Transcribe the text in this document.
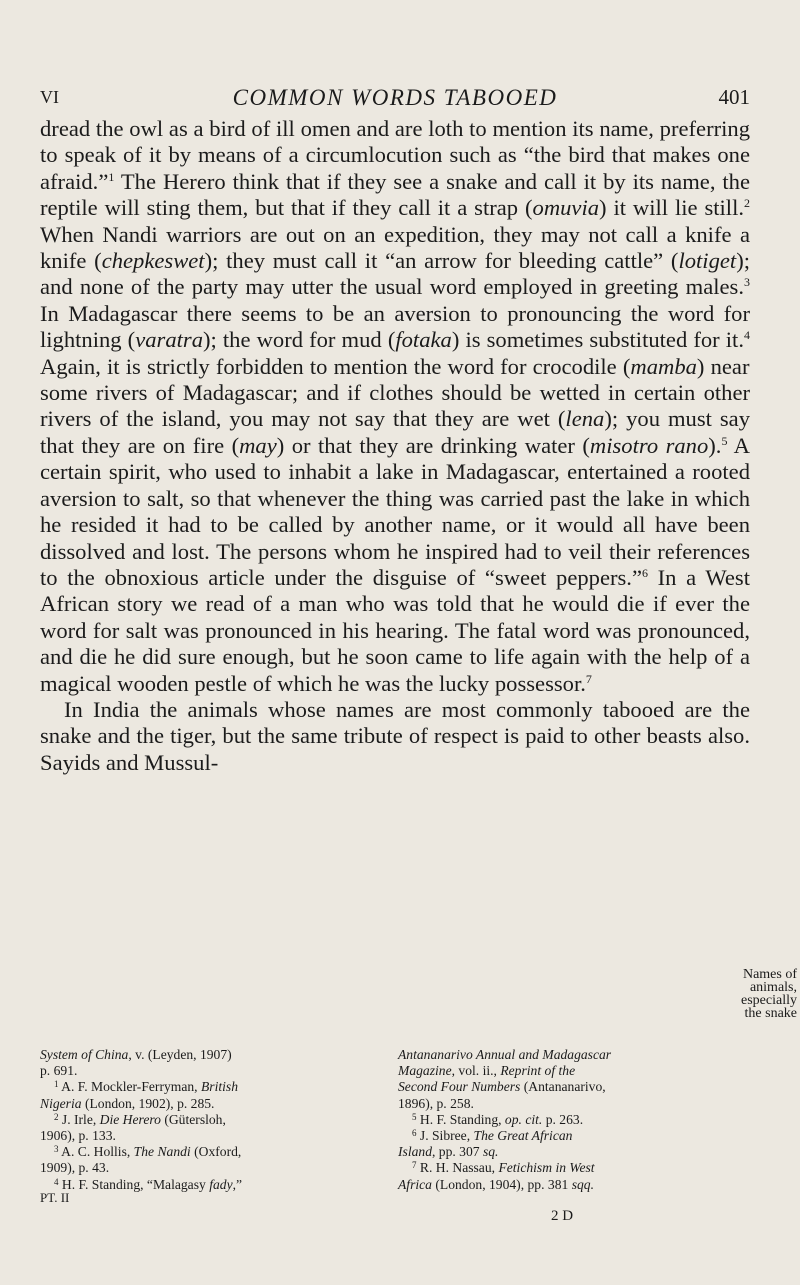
VI	COMMON WORDS TABOOED	401

dread the owl as a bird of ill omen and are loth to mention its name, preferring to speak of it by means of a circumlocution such as “the bird that makes one afraid.”$^1$ The Herero think that if they see a snake and call it by its name, the reptile will sting them, but that if they call it a strap (omuvia) it will lie still.$^2$ When Nandi warriors are out on an expedition, they may not call a knife a knife (chepkeswet); they must call it “an arrow for bleeding cattle” (lotiget); and none of the party may utter the usual word employed in greeting males.$^3$ In Madagascar there seems to be an aversion to pronouncing the word for lightning (varatra); the word for mud (fotaka) is sometimes substituted for it.$^4$ Again, it is strictly forbidden to mention the word for crocodile (mamba) near some rivers of Madagascar; and if clothes should be wetted in certain other rivers of the island, you may not say that they are wet (lena); you must say that they are on fire (may) or that they are drinking water (misotro rano).$^5$ A certain spirit, who used to inhabit a lake in Madagascar, entertained a rooted aversion to salt, so that whenever the thing was carried past the lake in which he resided it had to be called by another name, or it would all have been dissolved and lost. The persons whom he inspired had to veil their references to the obnoxious article under the disguise of “sweet peppers.”$^6$ In a West African story we read of a man who was told that he would die if ever the word for salt was pronounced in his hearing. The fatal word was pronounced, and die he did sure enough, but he soon came to life again with the help of a magical wooden pestle of which he was the lucky possessor.$^7$

In India the animals whose names are most commonly tabooed are the snake and the tiger, but the same tribute of respect is paid to other beasts also. Sayids and Mussul-

Names of
animals,
especially
the snake
System of China, v. (Leyden, 1907)
p. 691.
$^1$ A. F. Mockler-Ferryman, British
Nigeria (London, 1902), p. 285.
$^2$ J. Irle, Die Herero (Gütersloh,
1906), p. 133.
$^3$ A. C. Hollis, The Nandi (Oxford,
1909), p. 43.
$^4$ H. F. Standing, “Malagasy fady,”
Antananarivo Annual and Madagascar
Magazine, vol. ii., Reprint of the
Second Four Numbers (Antananarivo,
1896), p. 258.
$^5$ H. F. Standing, op. cit. p. 263.
$^6$ J. Sibree, The Great African
Island, pp. 307 sq.
$^7$ R. H. Nassau, Fetichism in West
Africa (London, 1904), pp. 381 sqq.
PT. II
2 D
